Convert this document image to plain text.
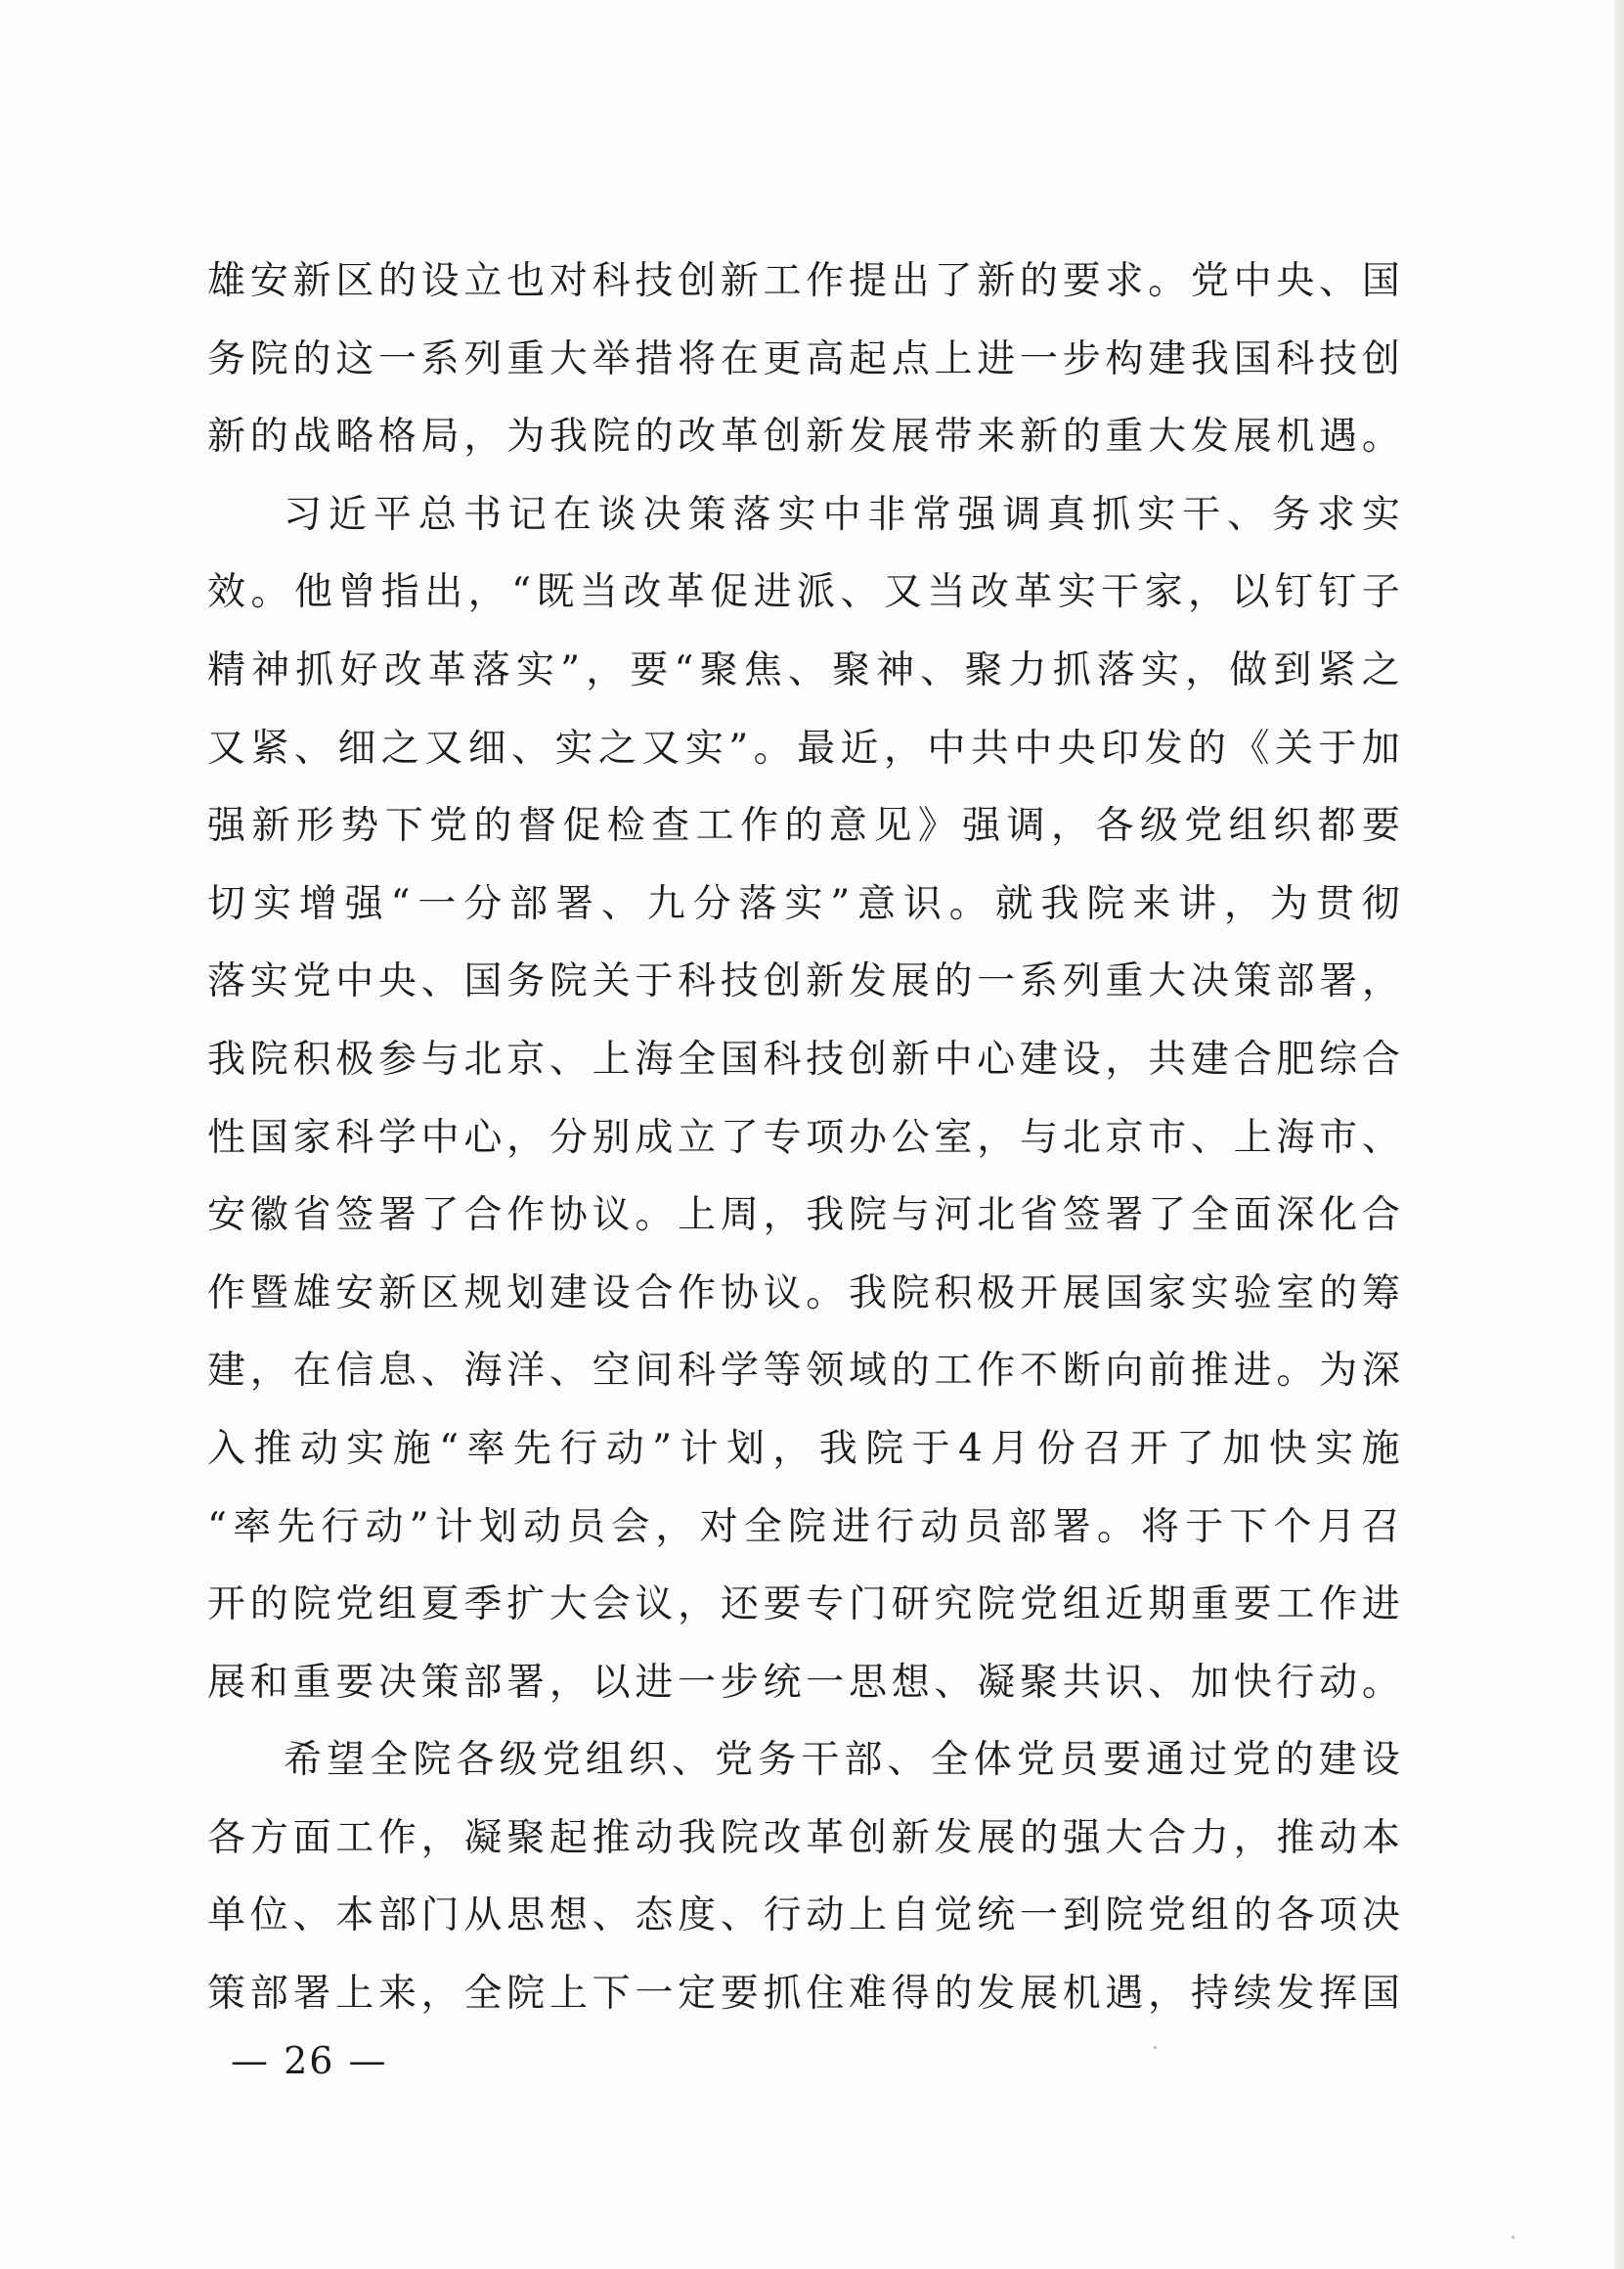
雄 安 新 区 的 设 立 也 对 科 技 创 新 工 作 提 出 了 新 的 要 求 。 党 中 央 、 国
务 院 的 这 一 系 列 重 大 举 措 将 在 更 高 起 点 上 进 一 步 构 建 我 国 科 技 创
新 的 战 略 格 局 ， 为 我 院 的 改 革 创 新 发 展 带 来 新 的 重 大 发 展 机 遇 。
习 近 平 总 书 记 在 谈 决 策 落 实 中 非 常 强 调 真 抓 实 干 、 务 求 实
效 。 他 曾 指 出 ， “ 既 当 改 革 促 进 派 、 又 当 改 革 实 干 家 ， 以 钉 钉 子
精 神 抓 好 改 革 落 实 ” ， 要 “ 聚 焦 、 聚 神 、 聚 力 抓 落 实 ， 做 到 紧 之
又 紧 、 细 之 又 细 、 实 之 又 实 ” 。 最 近 ， 中 共 中 央 印 发 的 《 关 于 加
强 新 形 势 下 党 的 督 促 检 查 工 作 的 意 见 》 强 调 ， 各 级 党 组 织 都 要
切 实 增 强 “ 一 分 部 署 、 九 分 落 实 ” 意 识 。 就 我 院 来 讲 ， 为 贯 彻
落 实 党 中 央 、 国 务 院 关 于 科 技 创 新 发 展 的 一 系 列 重 大 决 策 部 署 ，
我 院 积 极 参 与 北 京 、 上 海 全 国 科 技 创 新 中 心 建 设 ， 共 建 合 肥 综 合
性 国 家 科 学 中 心 ， 分 别 成 立 了 专 项 办 公 室 ， 与 北 京 市 、 上 海 市 、
安 徽 省 签 署 了 合 作 协 议 。 上 周 ， 我 院 与 河 北 省 签 署 了 全 面 深 化 合
作 暨 雄 安 新 区 规 划 建 设 合 作 协 议 。 我 院 积 极 开 展 国 家 实 验 室 的 筹
建 ， 在 信 息 、 海 洋 、 空 间 科 学 等 领 域 的 工 作 不 断 向 前 推 进 。 为 深
入 推 动 实 施 “ 率 先 行 动 ” 计 划 ， 我 院 于 4 月 份 召 开 了 加 快 实 施
“ 率 先 行 动 ” 计 划 动 员 会 ， 对 全 院 进 行 动 员 部 署 。 将 于 下 个 月 召
开 的 院 党 组 夏 季 扩 大 会 议 ， 还 要 专 门 研 究 院 党 组 近 期 重 要 工 作 进
展 和 重 要 决 策 部 署 ， 以 进 一 步 统 一 思 想 、 凝 聚 共 识 、 加 快 行 动 。
希 望 全 院 各 级 党 组 织 、 党 务 干 部 、 全 体 党 员 要 通 过 党 的 建 设
各 方 面 工 作 ， 凝 聚 起 推 动 我 院 改 革 创 新 发 展 的 强 大 合 力 ， 推 动 本
单 位 、 本 部 门 从 思 想 、 态 度 、 行 动 上 自 觉 统 一 到 院 党 组 的 各 项 决
策 部 署 上 来 ， 全 院 上 下 一 定 要 抓 住 难 得 的 发 展 机 遇 ， 持 续 发 挥 国
— 26 —
